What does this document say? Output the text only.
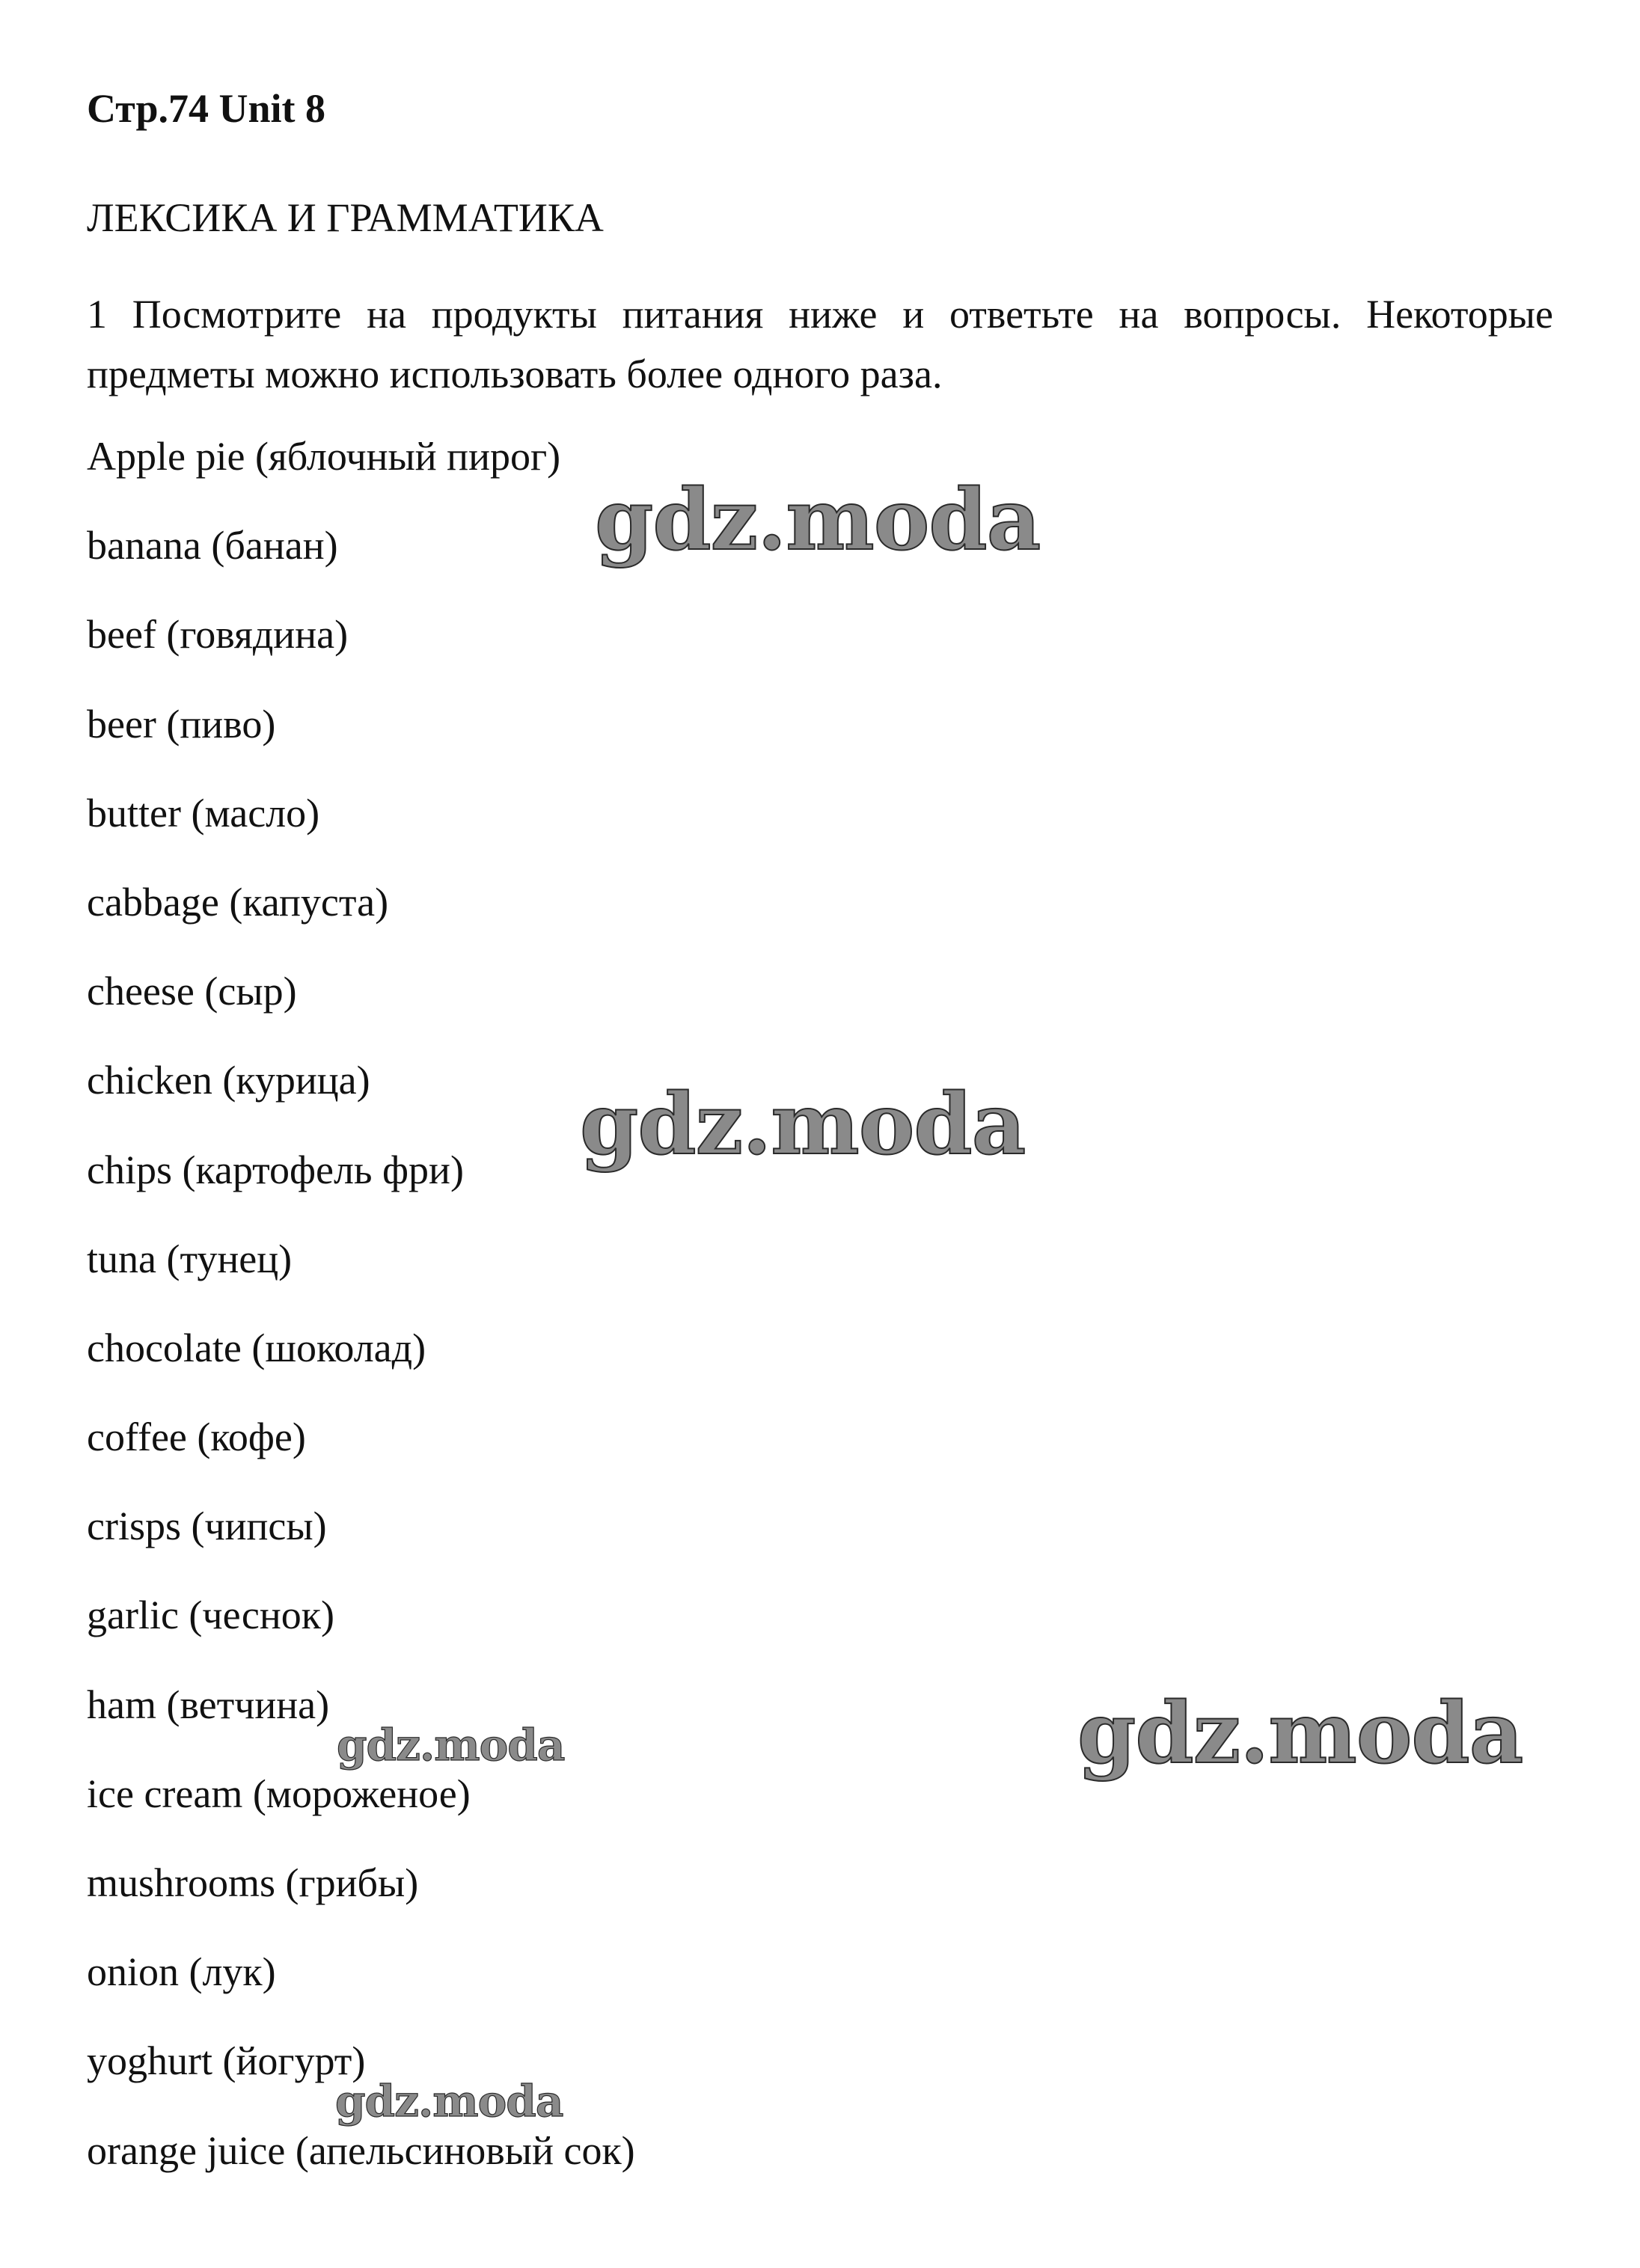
Стр.74 Unit 8
ЛЕКСИКА И ГРАММАТИКА
1 Посмотрите на продукты питания ниже и ответьте на вопросы. Некоторые предметы можно использовать более одного раза.
Apple pie (яблочный пирог)
banana (банан)
beef (говядина)
beer (пиво)
butter (масло)
cabbage (капуста)
cheese (сыр)
chicken (курица)
chips (картофель фри)
tuna (тунец)
chocolate (шоколад)
coffee (кофе)
crisps (чипсы)
garlic (чеснок)
ham (ветчина)
ice cream (мороженое)
mushrooms (грибы)
onion (лук)
yoghurt (йогурт)
orange juice (апельсиновый сок)
gdz.moda
gdz.moda
gdz.moda
gdz.moda
gdz.moda
